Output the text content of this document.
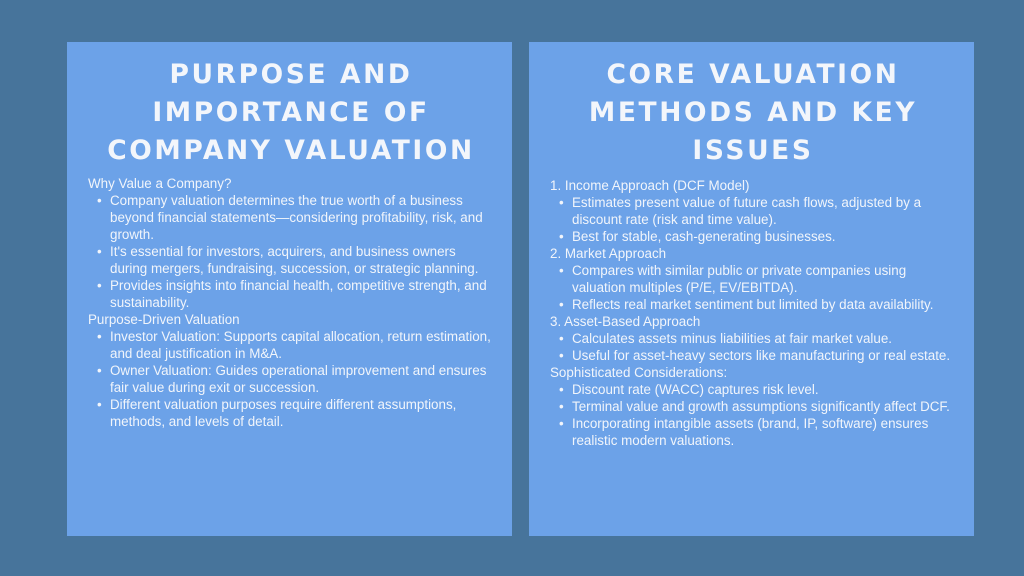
PURPOSE AND IMPORTANCE OF COMPANY VALUATION

Why Value a Company?

• Company valuation determines the true worth of a business beyond financial statements—considering profitability, risk, and growth.
• It's essential for investors, acquirers, and business owners during mergers, fundraising, succession, or strategic planning.
• Provides insights into financial health, competitive strength, and sustainability.

Purpose-Driven Valuation

• Investor Valuation: Supports capital allocation, return estimation, and deal justification in M&A.
• Owner Valuation: Guides operational improvement and ensures fair value during exit or succession.
• Different valuation purposes require different assumptions, methods, and levels of detail.
CORE VALUATION METHODS AND KEY ISSUES

1. Income Approach (DCF Model)

• Estimates present value of future cash flows, adjusted by a discount rate (risk and time value).
• Best for stable, cash-generating businesses.

2. Market Approach

• Compares with similar public or private companies using valuation multiples (P/E, EV/EBITDA).
• Reflects real market sentiment but limited by data availability.

3. Asset-Based Approach

• Calculates assets minus liabilities at fair market value.
• Useful for asset-heavy sectors like manufacturing or real estate.

Sophisticated Considerations:

• Discount rate (WACC) captures risk level.
• Terminal value and growth assumptions significantly affect DCF.
• Incorporating intangible assets (brand, IP, software) ensures realistic modern valuations.
